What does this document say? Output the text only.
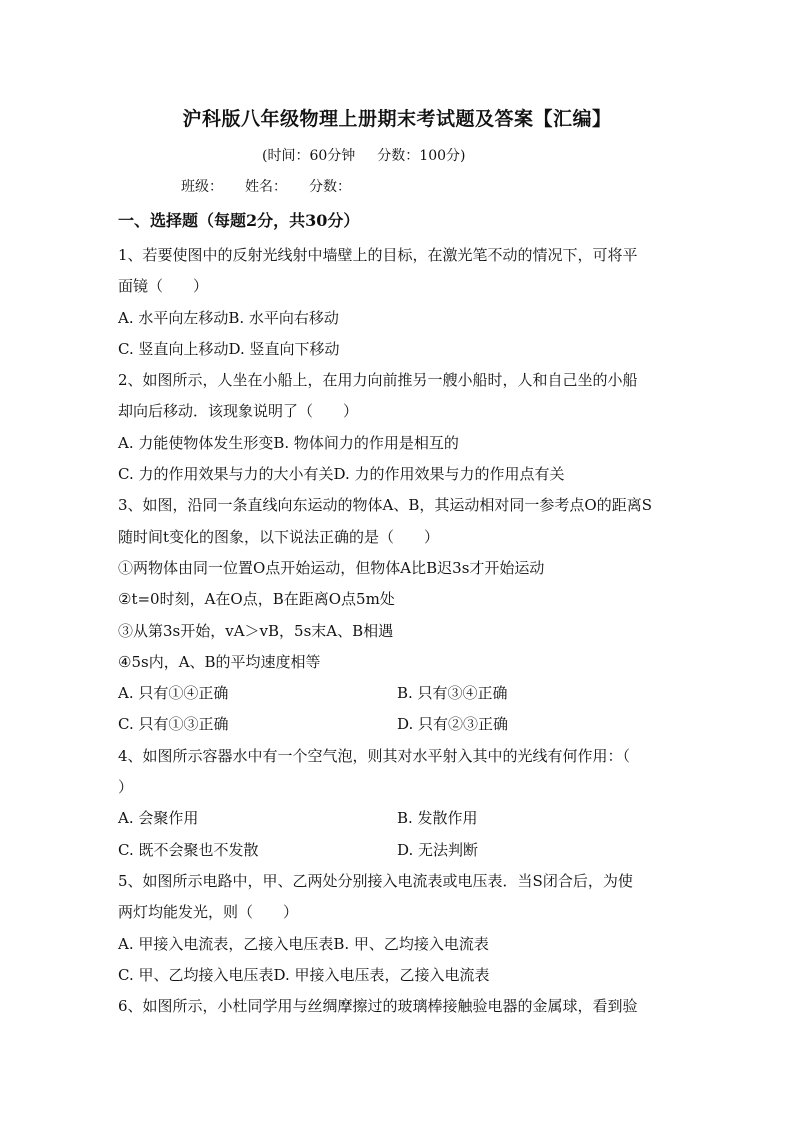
沪科版八年级物理上册期末考试题及答案【汇编】
(时间：60分钟 分数：100分)
班级： 姓名： 分数：
一、选择题（每题2分，共30分）
1、若要使图中的反射光线射中墙壁上的目标，在激光笔不动的情况下，可将平
面镜（　　）
A. 水平向左移动B. 水平向右移动
C. 竖直向上移动D. 竖直向下移动
2、如图所示，人坐在小船上，在用力向前推另一艘小船时，人和自己坐的小船
却向后移动．该现象说明了（　　）
A. 力能使物体发生形变B. 物体间力的作用是相互的
C. 力的作用效果与力的大小有关D. 力的作用效果与力的作用点有关
3、如图，沿同一条直线向东运动的物体A、B，其运动相对同一参考点O的距离S
随时间t变化的图象，以下说法正确的是（　　）
①两物体由同一位置O点开始运动，但物体A比B迟3s才开始运动
②t=0时刻，A在O点，B在距离O点5m处
③从第3s开始，vA＞vB，5s末A、B相遇
④5s内，A、B的平均速度相等
A. 只有①④正确	B. 只有③④正确
C. 只有①③正确	D. 只有②③正确
4、如图所示容器水中有一个空气泡，则其对水平射入其中的光线有何作用：（
）
A. 会聚作用	B. 发散作用
C. 既不会聚也不发散	D. 无法判断
5、如图所示电路中，甲、乙两处分别接入电流表或电压表．当S闭合后，为使
两灯均能发光，则（　　）
A. 甲接入电流表，乙接入电压表B. 甲、乙均接入电流表
C. 甲、乙均接入电压表D. 甲接入电压表，乙接入电流表
6、如图所示，小杜同学用与丝绸摩擦过的玻璃棒接触验电器的金属球，看到验
